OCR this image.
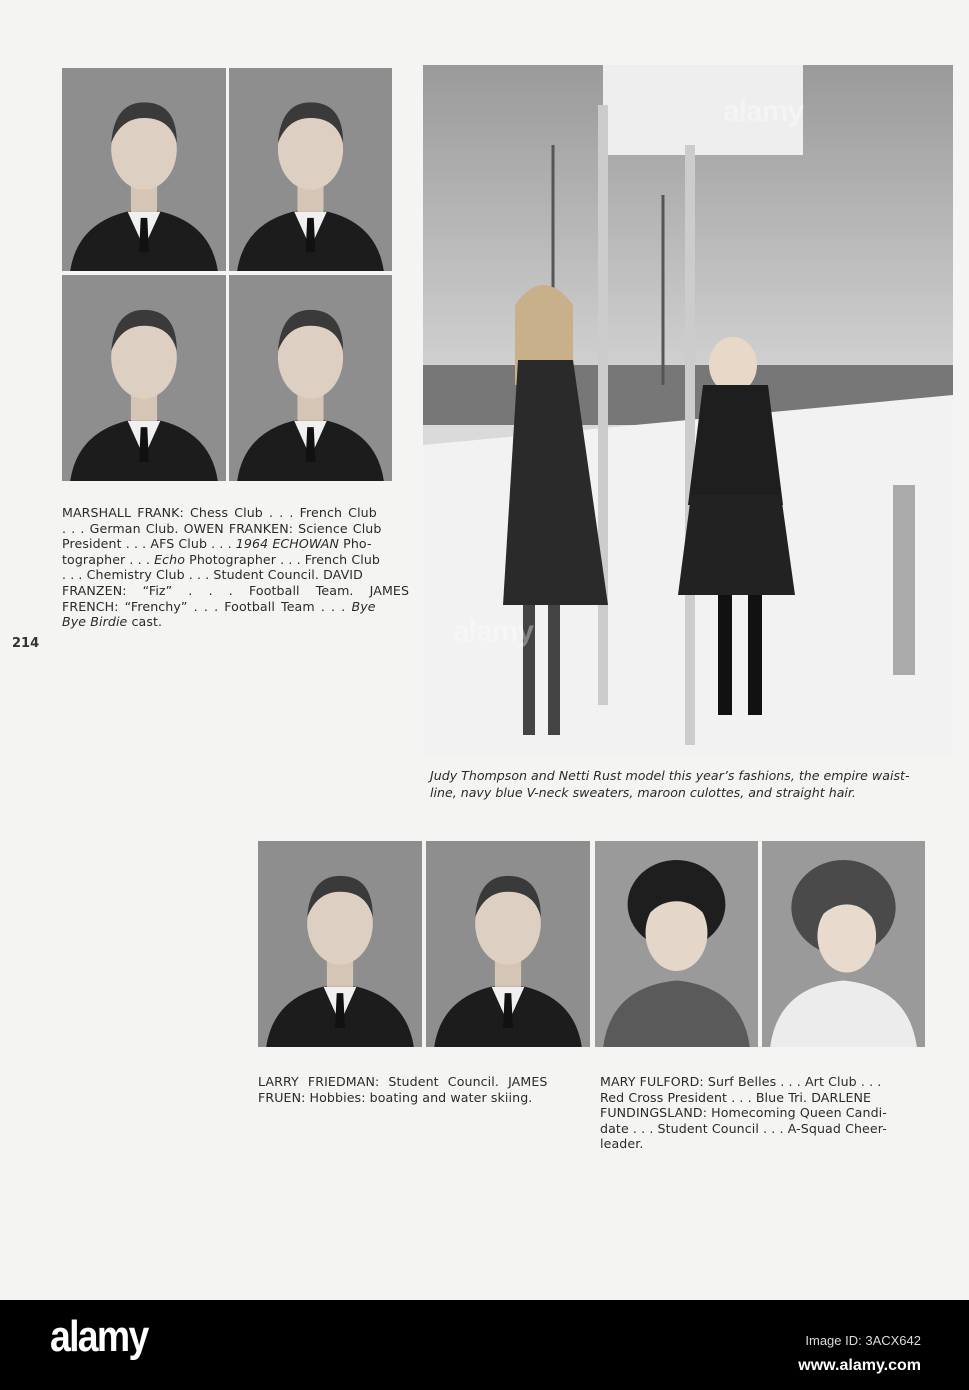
alamy
alamy
Judy Thompson and Netti Rust model this year’s fashions, the empire waist-
line, navy blue V-neck sweaters, maroon culottes, and straight hair.
MARSHALL FRANK: Chess Club . . . French Club
. . . German Club. OWEN FRANKEN: Science Club
President . . . AFS Club . . . 1964 ECHOWAN Pho-
tographer . . . Echo Photographer . . . French Club
. . . Chemistry Club . . . Student Council. DAVID
FRANZEN: “Fiz” . . . Football Team. JAMES
FRENCH: “Frenchy” . . . Football Team . . . Bye
Bye Birdie cast.
214
LARRY FRIEDMAN: Student Council. JAMES
FRUEN: Hobbies: boating and water skiing.
MARY FULFORD: Surf Belles . . . Art Club . . .
Red Cross President . . . Blue Tri. DARLENE
FUNDINGSLAND: Homecoming Queen Candi-
date . . . Student Council . . . A-Squad Cheer-
leader.
alamy	Image ID: 3ACX642
www.alamy.com
